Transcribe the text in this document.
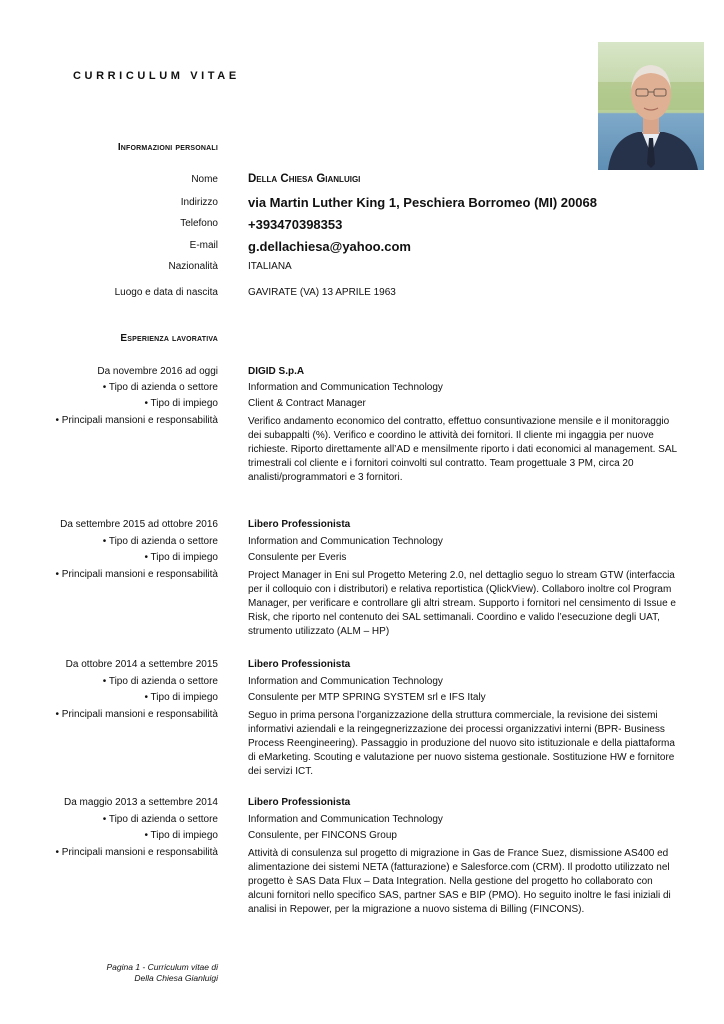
CURRICULUM VITAE
Informazioni personali
Nome	Della Chiesa Gianluigi
Indirizzo via Martin Luther King 1, Peschiera Borromeo (MI) 20068
Telefono +393470398353
E-mail g.dellachiesa@yahoo.com
Nazionalità	ITALIANA
Luogo e data di nascita	GAVIRATE (VA) 13 APRILE 1963
Esperienza lavorativa
Da novembre 2016 ad oggi	DIGID S.p.A
• Tipo di azienda o settore	Information and Communication Technology
• Tipo di impiego	Client & Contract Manager
• Principali mansioni e responsabilità	Verifico andamento economico del contratto, effettuo consuntivazione mensile e il monitoraggio dei subappalti (%). Verifico e coordino le attività dei fornitori. Il cliente mi ingaggia per nuove richieste. Riporto direttamente all’AD e mensilmente riporto i dati economici al management. SAL trimestrali col cliente e i fornitori coinvolti sul contratto. Team progettuale 3 PM, circa 20 analisti/programmatori e 3 fornitori.
Da settembre 2015 ad ottobre 2016	Libero Professionista
• Tipo di azienda o settore	Information and Communication Technology
• Tipo di impiego	Consulente per Everis
• Principali mansioni e responsabilità	Project Manager in Eni sul Progetto Metering 2.0, nel dettaglio seguo lo stream GTW (interfaccia per il colloquio con i distributori) e relativa reportistica (QlickView). Collaboro inoltre col Program Manager, per verificare e controllare gli altri stream. Supporto i fornitori nel censimento di Issue e Risk, che riporto nel contenuto dei SAL settimanali. Coordino e valido l’esecuzione degli UAT, strumento utilizzato (ALM – HP)
Da ottobre 2014 a settembre 2015	Libero Professionista
• Tipo di azienda o settore	Information and Communication Technology
• Tipo di impiego	Consulente per MTP SPRING SYSTEM srl e IFS Italy
• Principali mansioni e responsabilità	Seguo in prima persona l’organizzazione della struttura commerciale, la revisione dei sistemi informativi aziendali e la reingegnerizzazione dei processi organizzativi interni (BPR- Business Process Reengineering). Passaggio in produzione del nuovo sito istituzionale e della piattaforma di eMarketing. Scouting e valutazione per nuovo sistema gestionale. Sostituzione HW e fornitore dei servizi ICT.
Da maggio 2013 a settembre 2014	Libero Professionista
• Tipo di azienda o settore	Information and Communication Technology
• Tipo di impiego	Consulente, per FINCONS Group
• Principali mansioni e responsabilità	Attività di consulenza sul progetto di migrazione in Gas de France Suez, dismissione AS400 ed alimentazione dei sistemi NETA (fatturazione) e Salesforce.com (CRM). Il prodotto utilizzato nel progetto è SAS Data Flux – Data Integration. Nella gestione del progetto ho collaborato con alcuni fornitori nello specifico SAS, partner SAS e BIP (PMO). Ho seguito inoltre le fasi iniziali di analisi in Repower, per la migrazione a nuovo sistema di Billing (FINCONS).
Pagina 1 - Curriculum vitae di
Della Chiesa Gianluigi
